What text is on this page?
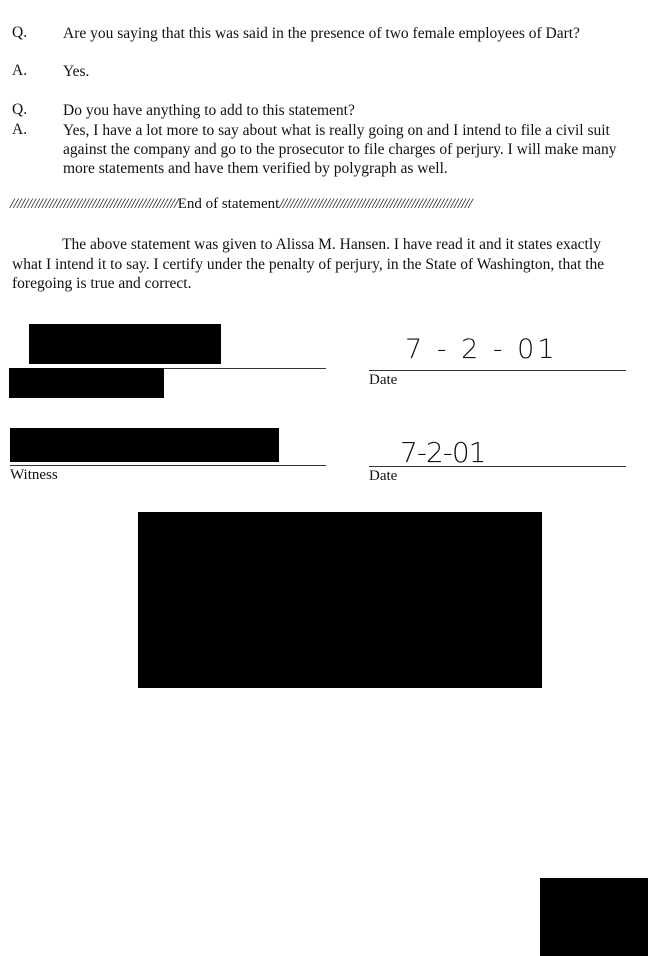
Q. Are you saying that this was said in the presence of two female employees of Dart?
A. Yes.
Q. Do you have anything to add to this statement?
A. Yes, I have a lot more to say about what is really going on and I intend to file a civil suit against the company and go to the prosecutor to file charges of perjury. I will make many more statements and have them verified by polygraph as well.
///////////////////////////////////////////////End of statement//////////////////////////////////////////////////////
The above statement was given to Alissa M. Hansen. I have read it and it states exactly what I intend it to say. I certify under the penalty of perjury, in the State of Washington, that the foregoing is true and correct.
7 - 2 - 01
Date
Witness
7-2-01
Date
